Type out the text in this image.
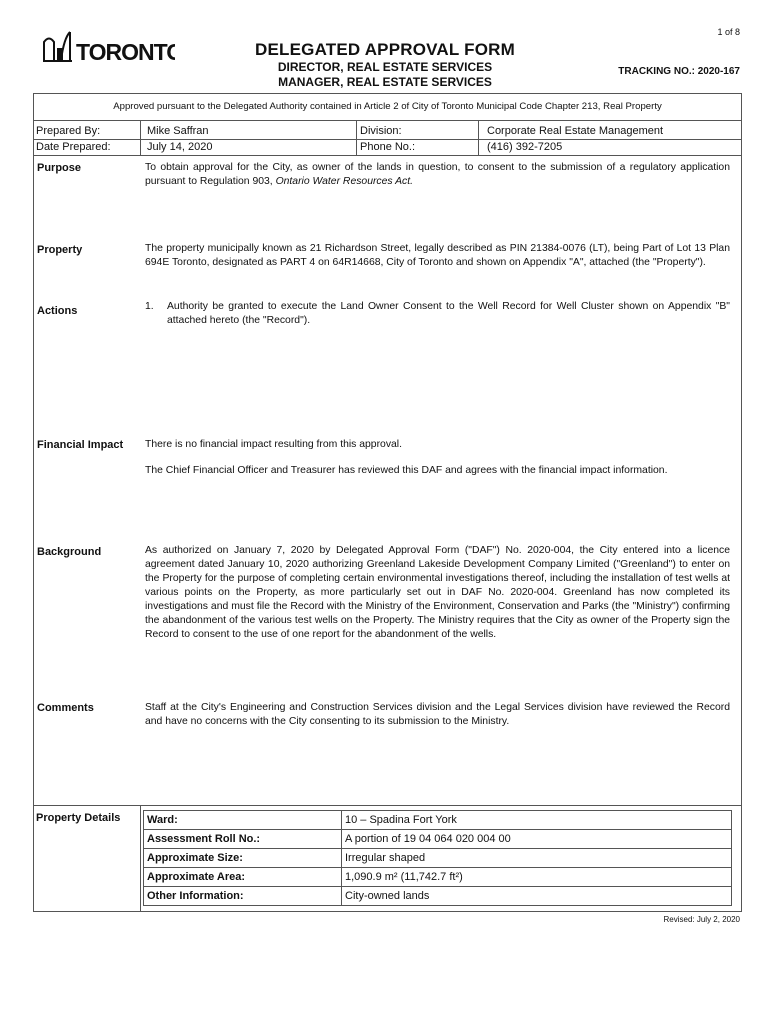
1 of 8
TORONTO	DELEGATED APPROVAL FORM
DIRECTOR, REAL ESTATE SERVICES
MANAGER, REAL ESTATE SERVICES
TRACKING NO.: 2020-167
Approved pursuant to the Delegated Authority contained in Article 2 of City of Toronto Municipal Code Chapter 213, Real Property
Prepared By:	Mike Saffran	Division:	Corporate Real Estate Management
Date Prepared:	July 14, 2020	Phone No.:	(416) 392-7205
Purpose	To obtain approval for the City, as owner of the lands in question, to consent to the submission of a regulatory application pursuant to Regulation 903, Ontario Water Resources Act.
Property	The property municipally known as 21 Richardson Street, legally described as PIN 21384-0076 (LT), being Part of Lot 13 Plan 694E Toronto, designated as PART 4 on 64R14668, City of Toronto and shown on Appendix "A", attached (the "Property").
Actions	1.	Authority be granted to execute the Land Owner Consent to the Well Record for Well Cluster shown on Appendix "B" attached hereto (the "Record").
Financial Impact There is no financial impact resulting from this approval.
The Chief Financial Officer and Treasurer has reviewed this DAF and agrees with the financial impact information.
Background	As authorized on January 7, 2020 by Delegated Approval Form ("DAF") No. 2020-004, the City entered into a licence agreement dated January 10, 2020 authorizing Greenland Lakeside Development Company Limited ("Greenland") to enter on the Property for the purpose of completing certain environmental investigations thereof, including the installation of test wells at various points on the Property, as more particularly set out in DAF No. 2020-004. Greenland has now completed its investigations and must file the Record with the Ministry of the Environment, Conservation and Parks (the "Ministry") confirming the abandonment of the various test wells on the Property. The Ministry requires that the City as owner of the Property sign the Record to consent to the use of one report for the abandonment of the wells.
Comments	Staff at the City's Engineering and Construction Services division and the Legal Services division have reviewed the Record and have no concerns with the City consenting to its submission to the Ministry.
Property Details Ward:	10 – Spadina Fort York
Assessment Roll No.:	A portion of 19 04 064 020 004 00
Approximate Size:	Irregular shaped
Approximate Area:	1,090.9 m² (11,742.7 ft²)
Other Information:	City-owned lands
Revised: July 2, 2020
